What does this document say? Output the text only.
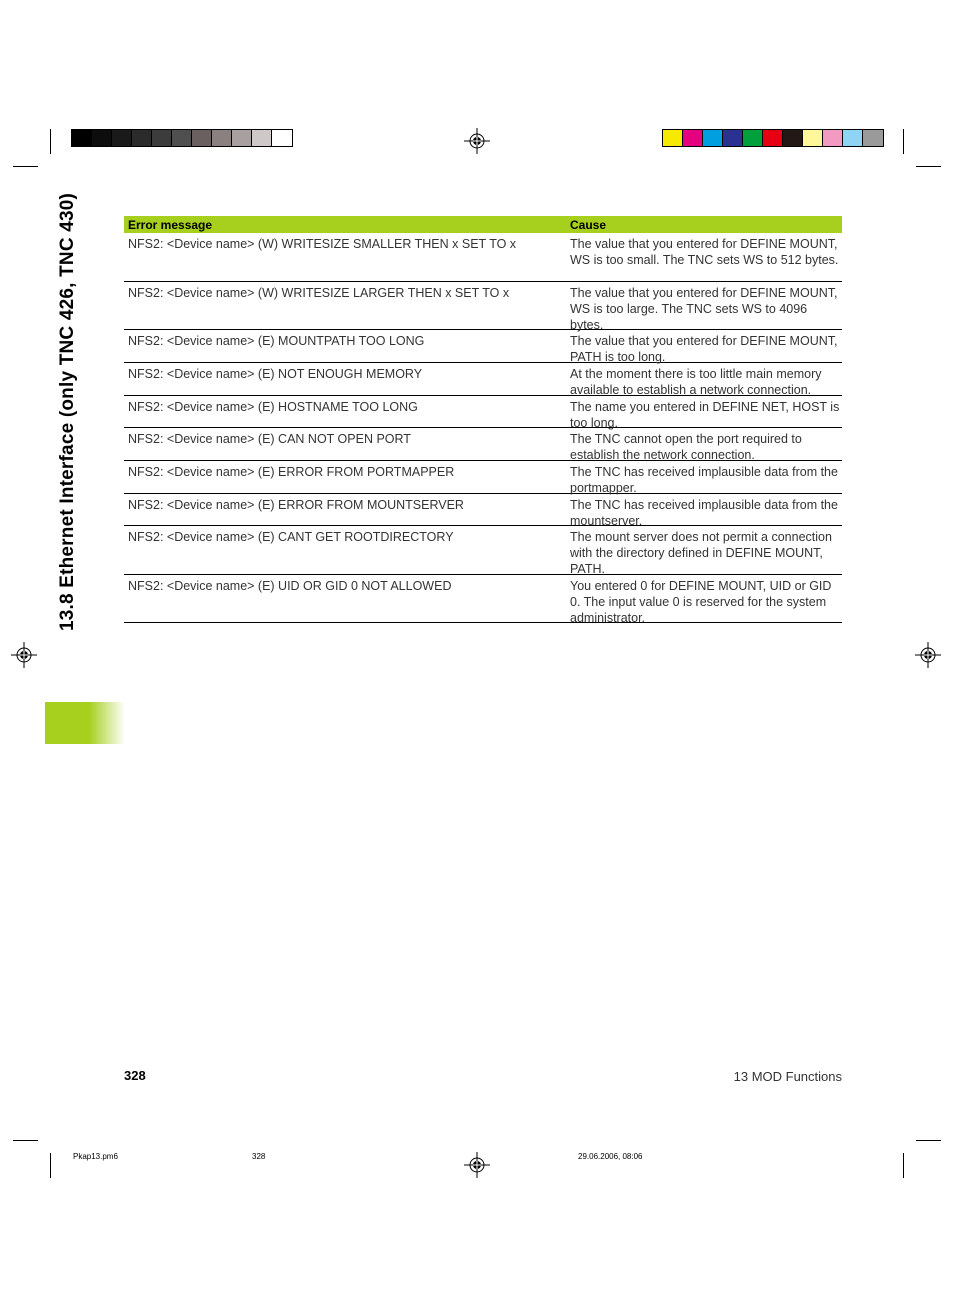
13.8 Ethernet Interface (only TNC 426, TNC 430)	Error message	Cause
NFS2: <Device name> (W) WRITESIZE SMALLER THEN x SET TO x	The value that you entered for DEFINE MOUNT, WS is too small. The TNC sets WS to 512 bytes.
NFS2: <Device name> (W) WRITESIZE LARGER THEN x SET TO x	The value that you entered for DEFINE MOUNT, WS is too large. The TNC sets WS to 4096 bytes.
NFS2: <Device name> (E) MOUNTPATH TOO LONG	The value that you entered for DEFINE MOUNT, PATH is too long.
NFS2: <Device name> (E) NOT ENOUGH MEMORY	At the moment there is too little main memory available to establish a network connection.
NFS2: <Device name> (E) HOSTNAME TOO LONG	The name you entered in DEFINE NET, HOST is too long.
NFS2: <Device name> (E) CAN NOT OPEN PORT	The TNC cannot open the port required to establish the network connection.
NFS2: <Device name> (E) ERROR FROM PORTMAPPER	The TNC has received implausible data from the portmapper.
NFS2: <Device name> (E) ERROR FROM MOUNTSERVER	The TNC has received implausible data from the mountserver.
NFS2: <Device name> (E) CANT GET ROOTDIRECTORY	The mount server does not permit a connection with the directory defined in DEFINE MOUNT, PATH.
NFS2: <Device name> (E) UID OR GID 0 NOT ALLOWED	You entered 0 for DEFINE MOUNT, UID or GID 0. The input value 0 is reserved for the system administrator.
328	13 MOD Functions
Pkap13.pm6	328	29.06.2006, 08:06
